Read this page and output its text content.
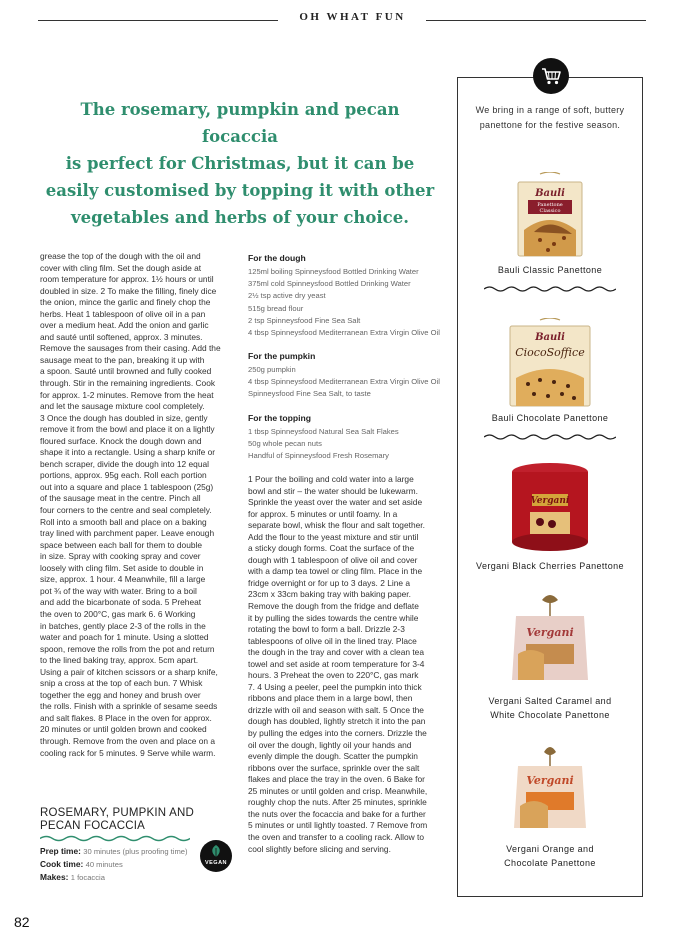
OH WHAT FUN
The rosemary, pumpkin and pecan focaccia
is perfect for Christmas, but it can be
easily customised by topping it with other
vegetables and herbs of your choice.
grease the top of the dough with the oil and
cover with cling film. Set the dough aside at
room temperature for approx. 1½ hours or until
doubled in size. 2 To make the filling, finely dice
the onion, mince the garlic and finely chop the
herbs. Heat 1 tablespoon of olive oil in a pan
over a medium heat. Add the onion and garlic
and sauté until softened, approx. 3 minutes.
Remove the sausages from their casing. Add the
sausage meat to the pan, breaking it up with
a spoon. Sauté until browned and fully cooked
through. Stir in the remaining ingredients. Cook
for approx. 1-2 minutes. Remove from the heat
and let the sausage mixture cool completely.
3 Once the dough has doubled in size, gently
remove it from the bowl and place it on a lightly
floured surface. Knock the dough down and
shape it into a rectangle. Using a sharp knife or
bench scraper, divide the dough into 12 equal
portions, approx. 95g each. Roll each portion
out into a square and place 1 tablespoon (25g)
of the sausage meat in the centre. Pinch all
four corners to the centre and seal completely.
Roll into a smooth ball and place on a baking
tray lined with parchment paper. Leave enough
space between each ball for them to double
in size. Spray with cooking spray and cover
loosely with cling film. Set aside to double in
size, approx. 1 hour. 4 Meanwhile, fill a large
pot ¾ of the way with water. Bring to a boil
and add the bicarbonate of soda. 5 Preheat
the oven to 200°C, gas mark 6. 6 Working
in batches, gently place 2-3 of the rolls in the
water and poach for 1 minute. Using a slotted
spoon, remove the rolls from the pot and return
to the lined baking tray, approx. 5cm apart.
Using a pair of kitchen scissors or a sharp knife,
snip a cross at the top of each bun. 7 Whisk
together the egg and honey and brush over
the rolls. Finish with a sprinkle of sesame seeds
and salt flakes. 8 Place in the oven for approx.
20 minutes or until golden brown and cooked
through. Remove from the oven and place on a
cooling rack for 5 minutes. 9 Serve while warm.
For the dough
125ml boiling Spinneysfood Bottled Drinking Water
375ml cold Spinneysfood Bottled Drinking Water
2½ tsp active dry yeast
515g bread flour
2 tsp Spinneysfood Fine Sea Salt
4 tbsp Spinneysfood Mediterranean Extra Virgin Olive Oil
For the pumpkin
250g pumpkin
4 tbsp Spinneysfood Mediterranean Extra Virgin Olive Oil
Spinneysfood Fine Sea Salt, to taste
For the topping
1 tbsp Spinneysfood Natural Sea Salt Flakes
50g whole pecan nuts
Handful of Spinneysfood Fresh Rosemary
1 Pour the boiling and cold water into a large
bowl and stir – the water should be lukewarm.
Sprinkle the yeast over the water and set aside
for approx. 5 minutes or until foamy. In a
separate bowl, whisk the flour and salt together.
Add the flour to the yeast mixture and stir until
a sticky dough forms. Coat the surface of the
dough with 1 tablespoon of olive oil and cover
with a damp tea towel or cling film. Place in the
fridge overnight or for up to 3 days. 2 Line a
23cm x 33cm baking tray with baking paper.
Remove the dough from the fridge and deflate
it by pulling the sides towards the centre while
rotating the bowl to form a ball. Drizzle 2-3
tablespoons of olive oil in the lined tray. Place
the dough in the tray and cover with a clean tea
towel and set aside at room temperature for 3-4
hours. 3 Preheat the oven to 220°C, gas mark
7. 4 Using a peeler, peel the pumpkin into thick
ribbons and place them in a large bowl, then
drizzle with oil and season with salt. 5 Once the
dough has doubled, lightly stretch it into the pan
by pulling the edges into the corners. Drizzle the
oil over the dough, lightly oil your hands and
evenly dimple the dough. Scatter the pumpkin
ribbons over the surface, sprinkle over the salt
flakes and place the tray in the oven. 6 Bake for
25 minutes or until golden and crisp. Meanwhile,
roughly chop the nuts. After 25 minutes, sprinkle
the nuts over the focaccia and bake for a further
5 minutes or until lightly toasted. 7 Remove from
the oven and transfer to a cooling rack. Allow to
cool slightly before slicing and serving.
ROSEMARY, PUMPKIN AND
PECAN FOCACCIA
Prep time: 30 minutes (plus proofing time)
Cook time: 40 minutes
Makes: 1 focaccia
VEGAN
82
We bring in a range of soft, buttery
panettone for the festive season.
Bauli
Panettone
Classico
Bauli Classic Panettone
Bauli
CiocoSoffice
Bauli Chocolate Panettone
Vergani
Vergani Black Cherries Panettone
Vergani
Vergani Salted Caramel and
White Chocolate Panettone
Vergani
Vergani Orange and
Chocolate Panettone
